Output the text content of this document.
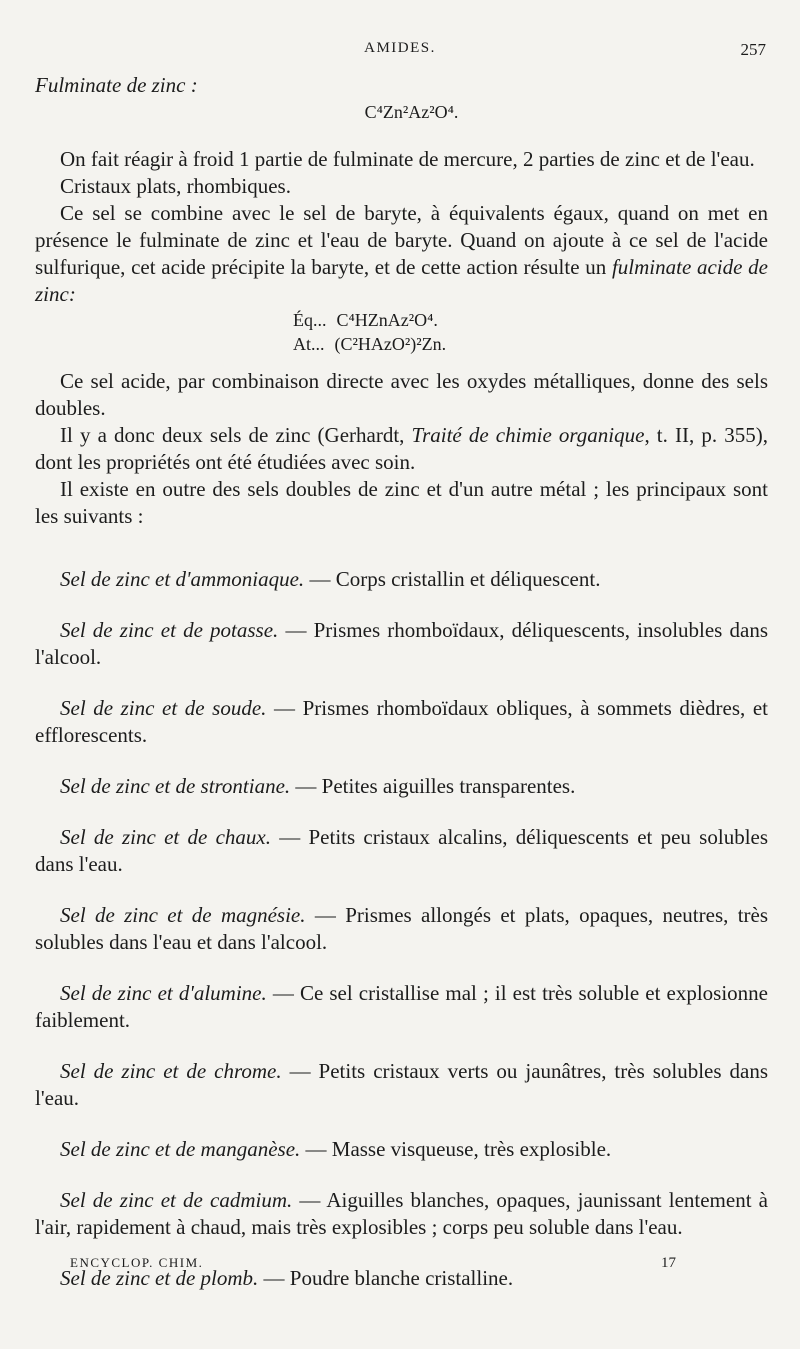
AMIDES.	257

Fulminate de zinc :

C⁴Zn²Az²O⁴.

On fait réagir à froid 1 partie de fulminate de mercure, 2 parties de zinc et de l'eau.

Cristaux plats, rhombiques.

Ce sel se combine avec le sel de baryte, à équivalents égaux, quand on met en présence le fulminate de zinc et l'eau de baryte. Quand on ajoute à ce sel de l'acide sulfurique, cet acide précipite la baryte, et de cette action résulte un fulminate acide de zinc:

Éq... C⁴HZnAz²O⁴.
At... (C²HAzO²)²Zn.

Ce sel acide, par combinaison directe avec les oxydes métalliques, donne des sels doubles.

Il y a donc deux sels de zinc (Gerhardt, Traité de chimie organique, t. II, p. 355), dont les propriétés ont été étudiées avec soin.

Il existe en outre des sels doubles de zinc et d'un autre métal ; les principaux sont les suivants :

Sel de zinc et d'ammoniaque. — Corps cristallin et déliquescent.

Sel de zinc et de potasse. — Prismes rhomboïdaux, déliquescents, insolubles dans l'alcool.

Sel de zinc et de soude. — Prismes rhomboïdaux obliques, à sommets dièdres, et efflorescents.

Sel de zinc et de strontiane. — Petites aiguilles transparentes.

Sel de zinc et de chaux. — Petits cristaux alcalins, déliquescents et peu solubles dans l'eau.

Sel de zinc et de magnésie. — Prismes allongés et plats, opaques, neutres, très solubles dans l'eau et dans l'alcool.

Sel de zinc et d'alumine. — Ce sel cristallise mal ; il est très soluble et explosionne faiblement.

Sel de zinc et de chrome. — Petits cristaux verts ou jaunâtres, très solubles dans l'eau.

Sel de zinc et de manganèse. — Masse visqueuse, très explosible.

Sel de zinc et de cadmium. — Aiguilles blanches, opaques, jaunissant lentement à l'air, rapidement à chaud, mais très explosibles ; corps peu soluble dans l'eau.

Sel de zinc et de plomb. — Poudre blanche cristalline.

ENCYCLOP. CHIM.	17
